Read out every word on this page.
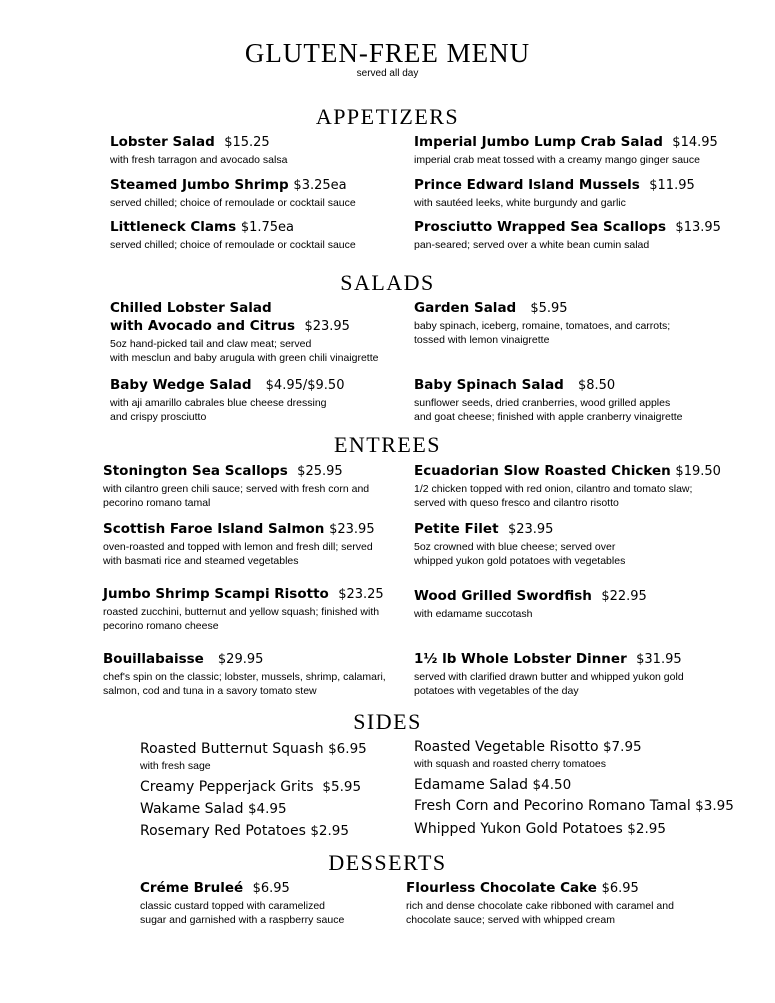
GLUTEN-FREE MENU
served all day
APPETIZERS
Lobster Salad $15.25
with fresh tarragon and avocado salsa
Imperial Jumbo Lump Crab Salad $14.95
imperial crab meat tossed with a creamy mango ginger sauce
Steamed Jumbo Shrimp $3.25ea
served chilled; choice of remoulade or cocktail sauce
Prince Edward Island Mussels $11.95
with sautéed leeks, white burgundy and garlic
Littleneck Clams $1.75ea
served chilled; choice of remoulade or cocktail sauce
Prosciutto Wrapped Sea Scallops $13.95
pan-seared; served over a white bean cumin salad
SALADS
Chilled Lobster Salad
with Avocado and Citrus $23.95
5oz hand-picked tail and claw meat; served
with mesclun and baby arugula with green chili vinaigrette
Garden Salad $5.95
baby spinach, iceberg, romaine, tomatoes, and carrots;
tossed with lemon vinaigrette
Baby Wedge Salad $4.95/$9.50
with aji amarillo cabrales blue cheese dressing
and crispy prosciutto
Baby Spinach Salad $8.50
sunflower seeds, dried cranberries, wood grilled apples
and goat cheese; finished with apple cranberry vinaigrette
ENTREES
Stonington Sea Scallops $25.95
with cilantro green chili sauce; served with fresh corn and
pecorino romano tamal
Ecuadorian Slow Roasted Chicken $19.50
1/2 chicken topped with red onion, cilantro and tomato slaw;
served with queso fresco and cilantro risotto
Scottish Faroe Island Salmon $23.95
oven-roasted and topped with lemon and fresh dill; served
with basmati rice and steamed vegetables
Petite Filet $23.95
5oz crowned with blue cheese; served over
whipped yukon gold potatoes with vegetables
Jumbo Shrimp Scampi Risotto $23.25
roasted zucchini, butternut and yellow squash; finished with
pecorino romano cheese
Wood Grilled Swordfish $22.95
with edamame succotash
Bouillabaisse $29.95
chef's spin on the classic; lobster, mussels, shrimp, calamari,
salmon, cod and tuna in a savory tomato stew
1½ lb Whole Lobster Dinner $31.95
served with clarified drawn butter and whipped yukon gold
potatoes with vegetables of the day
SIDES
Roasted Butternut Squash $6.95
with fresh sage
Roasted Vegetable Risotto $7.95
with squash and roasted cherry tomatoes
Creamy Pepperjack Grits $5.95	Edamame Salad $4.50
Wakame Salad $4.95	Fresh Corn and Pecorino Romano Tamal $3.95
Rosemary Red Potatoes $2.95	Whipped Yukon Gold Potatoes $2.95
DESSERTS
Créme Bruleé $6.95
classic custard topped with caramelized
sugar and garnished with a raspberry sauce
Flourless Chocolate Cake $6.95
rich and dense chocolate cake ribboned with caramel and
chocolate sauce; served with whipped cream
